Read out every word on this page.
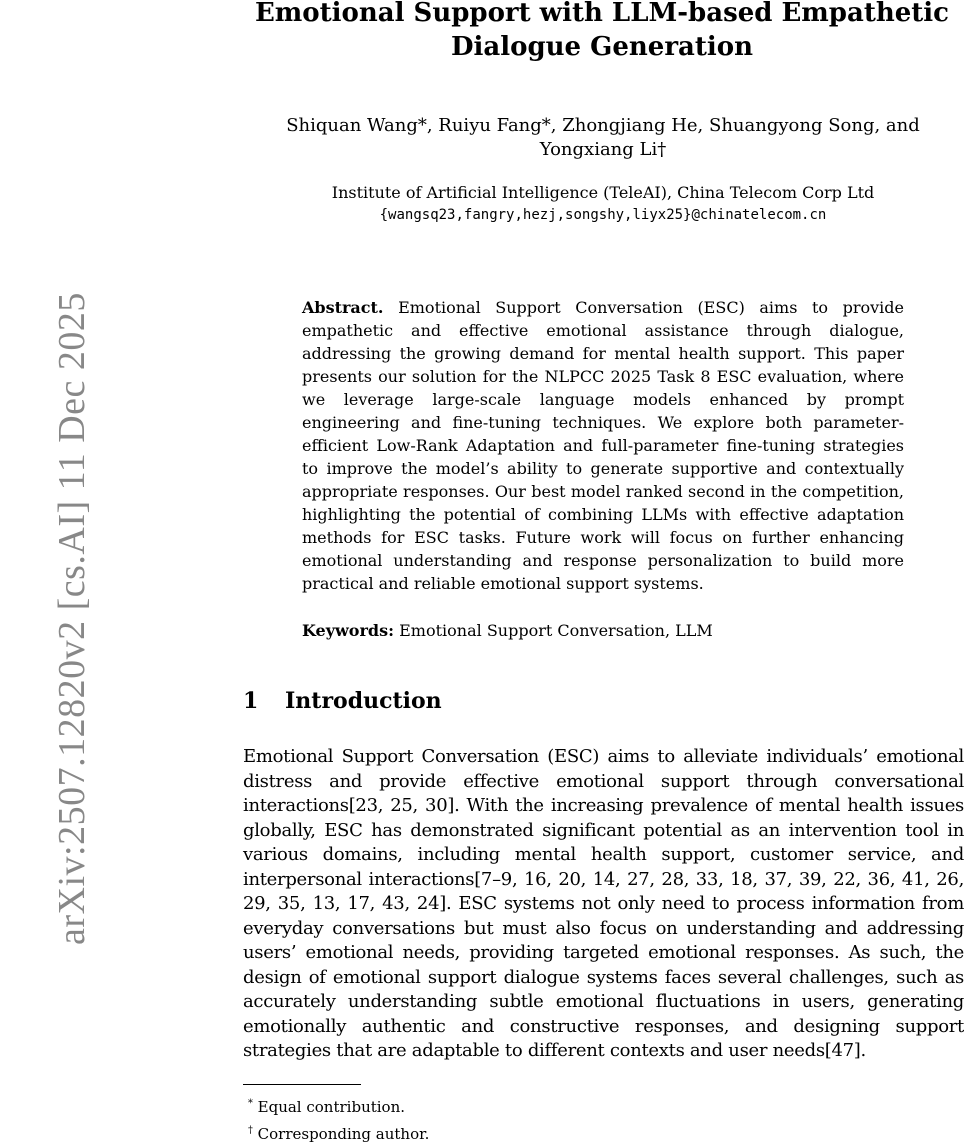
arXiv:2507.12820v2 [cs.AI] 11 Dec 2025
Emotional Support with LLM-based Empathetic
Dialogue Generation
Shiquan Wang*, Ruiyu Fang*, Zhongjiang He, Shuangyong Song, and
Yongxiang Li†
Institute of Artificial Intelligence (TeleAI), China Telecom Corp Ltd
{wangsq23,fangry,hezj,songshy,liyx25}@chinatelecom.cn
Abstract. Emotional Support Conversation (ESC) aims to provide empathetic and effective emotional assistance through dialogue, addressing the growing demand for mental health support. This paper presents our solution for the NLPCC 2025 Task 8 ESC evaluation, where we leverage large-scale language models enhanced by prompt engineering and fine-tuning techniques. We explore both parameter-efficient Low-Rank Adaptation and full-parameter fine-tuning strategies to improve the model’s ability to generate supportive and contextually appropriate responses. Our best model ranked second in the competition, highlighting the potential of combining LLMs with effective adaptation methods for ESC tasks. Future work will focus on further enhancing emotional understanding and response personalization to build more practical and reliable emotional support systems.
Keywords: Emotional Support Conversation, LLM
1 Introduction
Emotional Support Conversation (ESC) aims to alleviate individuals’ emotional distress and provide effective emotional support through conversational interactions[23, 25, 30]. With the increasing prevalence of mental health issues globally, ESC has demonstrated significant potential as an intervention tool in various domains, including mental health support, customer service, and interpersonal interactions[7–9, 16, 20, 14, 27, 28, 33, 18, 37, 39, 22, 36, 41, 26, 29, 35, 13, 17, 43, 24]. ESC systems not only need to process information from everyday conversations but must also focus on understanding and addressing users’ emotional needs, providing targeted emotional responses. As such, the design of emotional support dialogue systems faces several challenges, such as accurately understanding subtle emotional fluctuations in users, generating emotionally authentic and constructive responses, and designing support strategies that are adaptable to different contexts and user needs[47].
* Equal contribution.
† Corresponding author.
